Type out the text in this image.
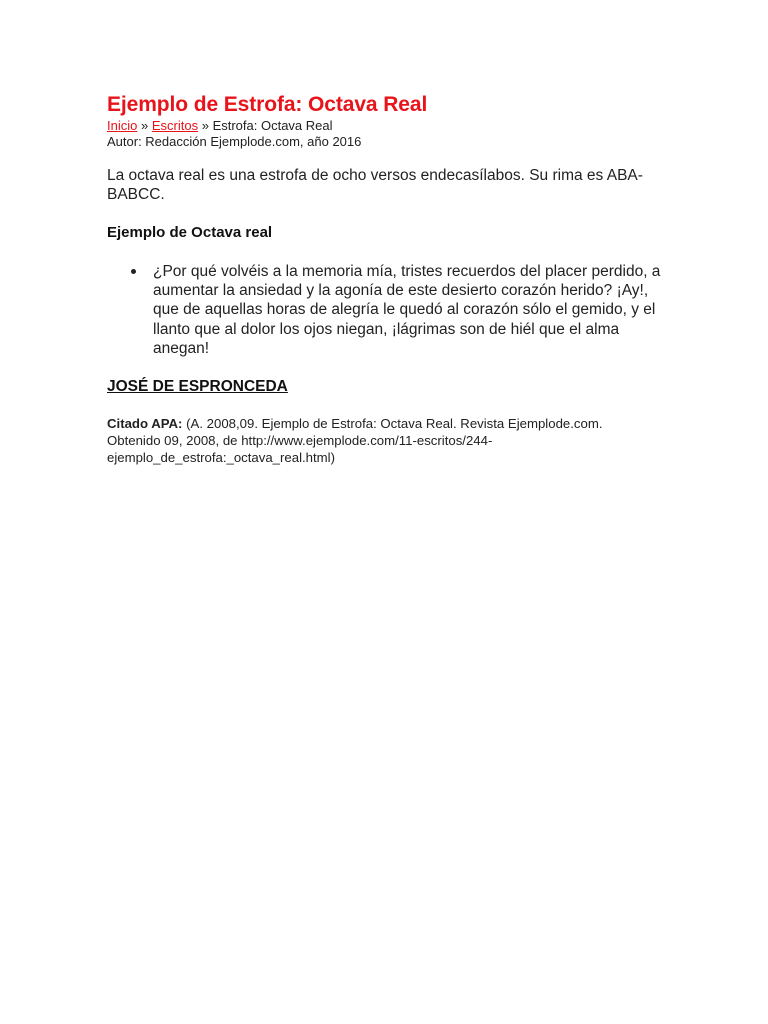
Ejemplo de Estrofa: Octava Real
Inicio » Escritos » Estrofa: Octava Real
Autor: Redacción Ejemplode.com, año 2016

La octava real es una estrofa de ocho versos endecasílabos. Su rima es ABA-BABCC.

Ejemplo de Octava real
¿Por qué volvéis a la memoria mía, tristes recuerdos del placer perdido, a aumentar la ansiedad y la agonía de este desierto corazón herido? ¡Ay!, que de aquellas horas de alegría le quedó al corazón sólo el gemido, y el llanto que al dolor los ojos niegan, ¡lágrimas son de hiél que el alma anegan!

JOSÉ DE ESPRONCEDA

Citado APA: (A. 2008,09. Ejemplo de Estrofa: Octava Real. Revista Ejemplode.com. Obtenido 09, 2008, de http://www.ejemplode.com/11-escritos/244-ejemplo_de_estrofa:_octava_real.html)
